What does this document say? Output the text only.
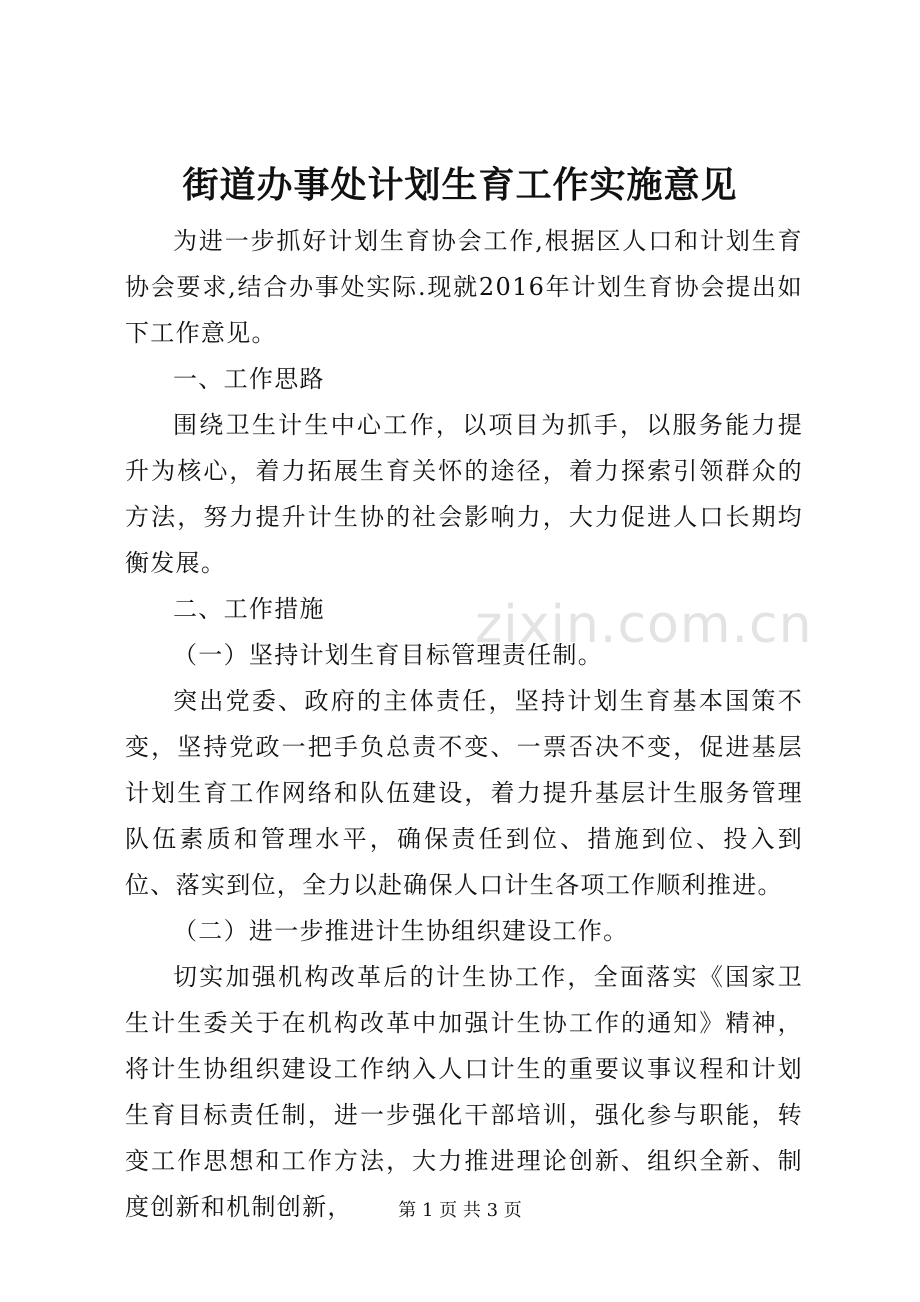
街道办事处计划生育工作实施意见

为进一步抓好计划生育协会工作,根据区人口和计划生育协会要求,结合办事处实际.现就2016年计划生育协会提出如下工作意见。

一、工作思路

围绕卫生计生中心工作，以项目为抓手，以服务能力提升为核心，着力拓展生育关怀的途径，着力探索引领群众的方法，努力提升计生协的社会影响力，大力促进人口长期均衡发展。

二、工作措施

（一）坚持计划生育目标管理责任制。

突出党委、政府的主体责任，坚持计划生育基本国策不变，坚持党政一把手负总责不变、一票否决不变，促进基层计划生育工作网络和队伍建设，着力提升基层计生服务管理队伍素质和管理水平，确保责任到位、措施到位、投入到位、落实到位，全力以赴确保人口计生各项工作顺利推进。

（二）进一步推进计生协组织建设工作。

切实加强机构改革后的计生协工作，全面落实《国家卫生计生委关于在机构改革中加强计生协工作的通知》精神，将计生协组织建设工作纳入人口计生的重要议事议程和计划生育目标责任制，进一步强化干部培训，强化参与职能，转变工作思想和工作方法，大力推进理论创新、组织全新、制度创新和机制创新，

zixin.com.cn
第 1 页 共 3 页
